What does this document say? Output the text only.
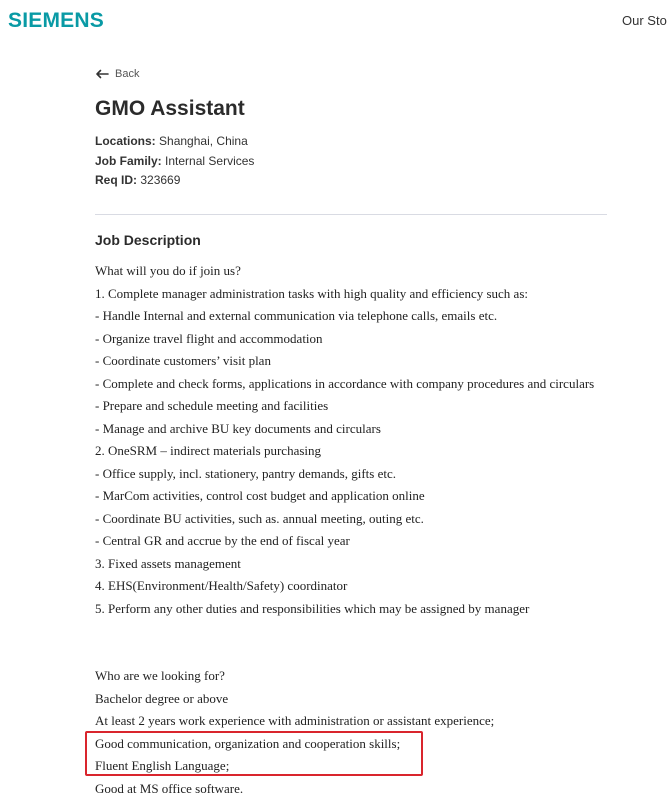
SIEMENS	Our Sto
Back
GMO Assistant
Locations: Shanghai, China
Job Family: Internal Services
Req ID: 323669
Job Description
What will you do if join us?
1. Complete manager administration tasks with high quality and efficiency such as:
- Handle Internal and external communication via telephone calls, emails etc.
- Organize travel flight and accommodation
- Coordinate customers’ visit plan
- Complete and check forms, applications in accordance with company procedures and circulars
- Prepare and schedule meeting and facilities
- Manage and archive BU key documents and circulars
2. OneSRM – indirect materials purchasing
- Office supply, incl. stationery, pantry demands, gifts etc.
- MarCom activities, control cost budget and application online
- Coordinate BU activities, such as. annual meeting, outing etc.
- Central GR and accrue by the end of fiscal year
3. Fixed assets management
4. EHS(Environment/Health/Safety) coordinator
5. Perform any other duties and responsibilities which may be assigned by manager
Who are we looking for?
Bachelor degree or above
At least 2 years work experience with administration or assistant experience;
Good communication, organization and cooperation skills;
Fluent English Language;
Good at MS office software.
